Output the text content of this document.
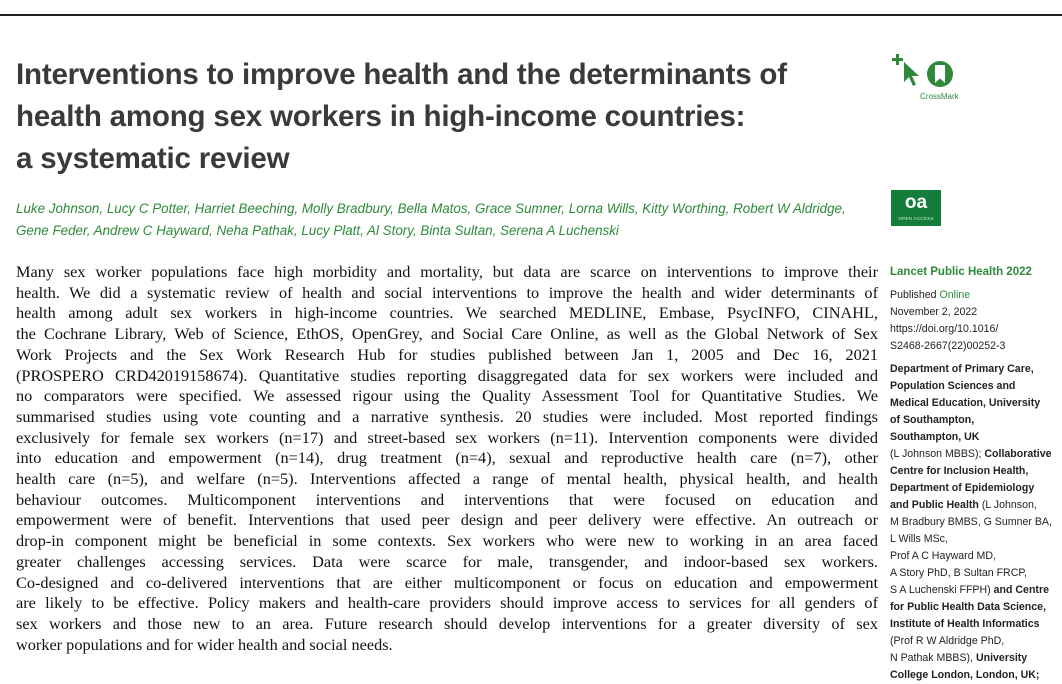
Interventions to improve health and the determinants of
health among sex workers in high-income countries:
a systematic review
Luke Johnson, Lucy C Potter, Harriet Beeching, Molly Bradbury, Bella Matos, Grace Sumner, Lorna Wills, Kitty Worthing, Robert W Aldridge,
Gene Feder, Andrew C Hayward, Neha Pathak, Lucy Platt, Al Story, Binta Sultan, Serena A Luchenski
CrossMark
oa
OPEN ACCESS
Many sex worker populations face high morbidity and mortality, but data are scarce on interventions to improve their
health. We did a systematic review of health and social interventions to improve the health and wider determinants of
health among adult sex workers in high-income countries. We searched MEDLINE, Embase, PsycINFO, CINAHL,
the Cochrane Library, Web of Science, EthOS, OpenGrey, and Social Care Online, as well as the Global Network of Sex
Work Projects and the Sex Work Research Hub for studies published between Jan 1, 2005 and Dec 16, 2021
(PROSPERO CRD42019158674). Quantitative studies reporting disaggregated data for sex workers were included and
no comparators were specified. We assessed rigour using the Quality Assessment Tool for Quantitative Studies. We
summarised studies using vote counting and a narrative synthesis. 20 studies were included. Most reported findings
exclusively for female sex workers (n=17) and street-based sex workers (n=11). Intervention components were divided
into education and empowerment (n=14), drug treatment (n=4), sexual and reproductive health care (n=7), other
health care (n=5), and welfare (n=5). Interventions affected a range of mental health, physical health, and health
behaviour outcomes. Multicomponent interventions and interventions that were focused on education and
empowerment were of benefit. Interventions that used peer design and peer delivery were effective. An outreach or
drop-in component might be beneficial in some contexts. Sex workers who were new to working in an area faced
greater challenges accessing services. Data were scarce for male, transgender, and indoor-based sex workers.
Co-designed and co-delivered interventions that are either multicomponent or focus on education and empowerment
are likely to be effective. Policy makers and health-care providers should improve access to services for all genders of
sex workers and those new to an area. Future research should develop interventions for a greater diversity of sex
worker populations and for wider health and social needs.
Lancet Public Health 2022
Published Online
November 2, 2022
https://doi.org/10.1016/
S2468-2667(22)00252-3
Department of Primary Care,
Population Sciences and
Medical Education, University
of Southampton,
Southampton, UK
(L Johnson MBBS); Collaborative
Centre for Inclusion Health,
Department of Epidemiology
and Public Health (L Johnson,
M Bradbury BMBS, G Sumner BA,
L Wills MSc,
Prof A C Hayward MD,
A Story PhD, B Sultan FRCP,
S A Luchenski FFPH) and Centre
for Public Health Data Science,
Institute of Health Informatics
(Prof R W Aldridge PhD,
N Pathak MBBS), University
College London, London, UK;
